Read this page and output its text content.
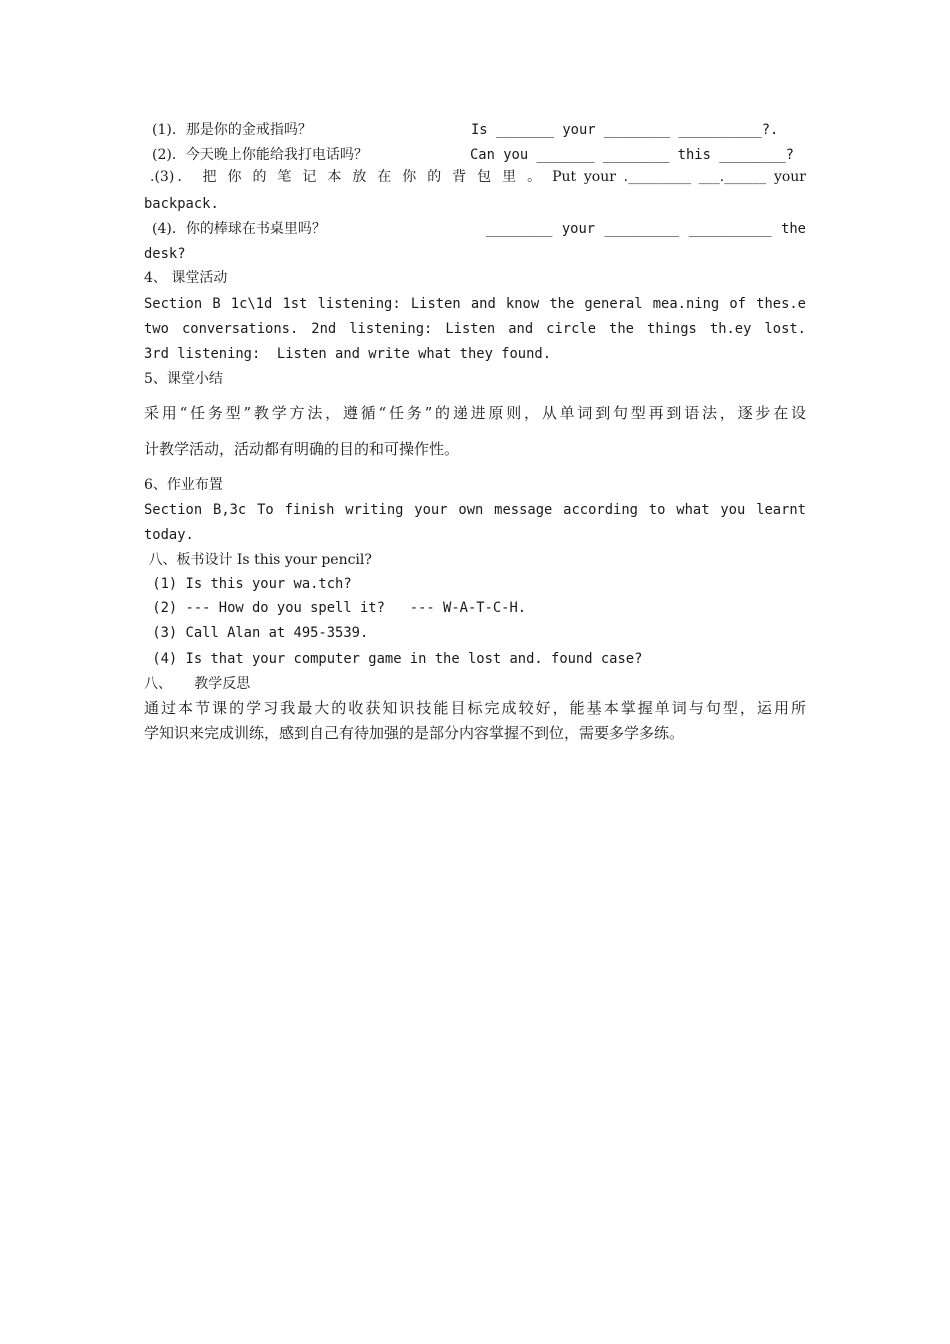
(1)．那是你的金戒指吗？	Is _______ your ________ __________?.
(2)．今天晚上你能给我打电话吗？	Can you _______ ________ this ________?
.(3)． 把 你 的 笔 记 本 放 在 你 的 背 包 里 。 Put your ._________ ___.______ your
backpack.
(4)．你的棒球在书桌里吗？	________ your _________ __________ the
desk?
4、 课堂活动
Section B 1c\1d 1st listening: Listen and know the general mea.ning of thes.e
two conversations. 2nd listening: Listen and circle the things th.ey lost.
3rd listening:  Listen and write what they found.
5、课堂小结
采用“任务型”教学方法，遵循“任务”的递进原则，从单词到句型再到语法，逐步在设
计教学活动，活动都有明确的目的和可操作性。
6、作业布置
Section B,3c To finish writing your own message according to what you learnt
today.
八、板书设计 Is this your pencil?
(1) Is this your wa.tch?
(2) --- How do you spell it?   --- W-A-T-C-H.
(3) Call Alan at 495-3539.
(4) Is that your computer game in the lost and. found case?
八、     教学反思
通过本节课的学习我最大的收获知识技能目标完成较好，能基本掌握单词与句型，运用所
学知识来完成训练，感到自己有待加强的是部分内容掌握不到位，需要多学多练。
